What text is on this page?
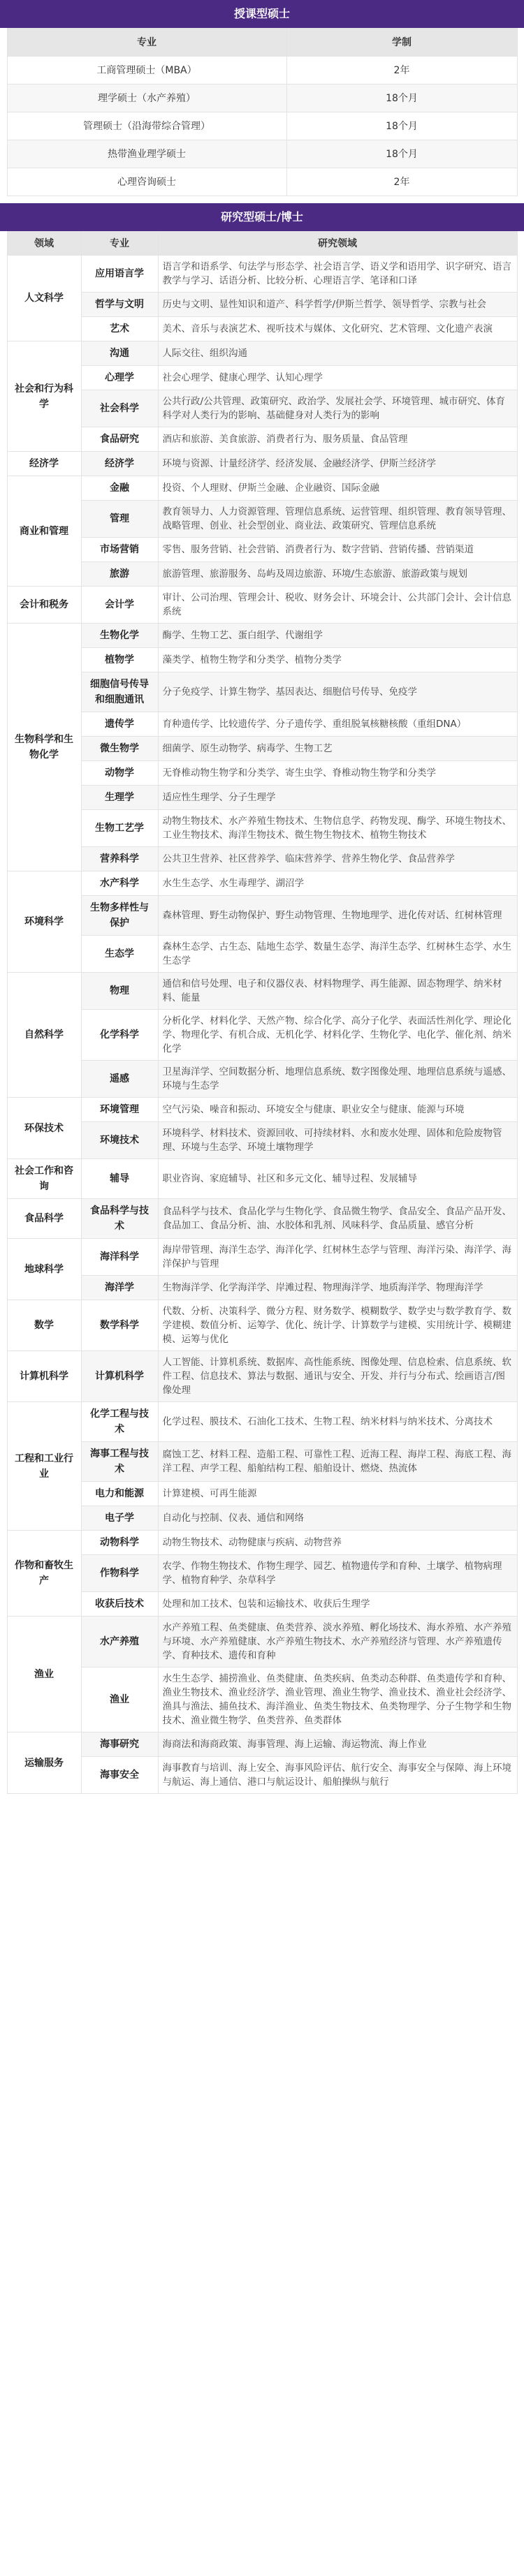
授课型硕士
专业	学制
工商管理硕士（MBA）	2年
理学硕士（水产养殖）	18个月
管理硕士（沿海带综合管理）	18个月
热带渔业理学硕士	18个月
心理咨询硕士	2年
研究型硕士/博士
领域	专业	研究领域
人文科学	应用语言学	语言学和语系学、句法学与形态学、社会语言学、语义学和语用学、识字研究、语言教学与学习、话语分析、比较分析、心理语言学、笔译和口译
	哲学与文明	历史与文明、显性知识和道产、科学哲学/伊斯兰哲学、领导哲学、宗教与社会
	艺术	美术、音乐与表演艺术、视听技术与媒体、文化研究、艺术管理、文化遗产表演
社会和行为科学	沟通	人际交往、组织沟通
	心理学	社会心理学、健康心理学、认知心理学
	社会科学	公共行政/公共管理、政策研究、政治学、发展社会学、环境管理、城市研究、体育科学对人类行为的影响、基础健身对人类行为的影响
	食品研究	酒店和旅游、美食旅游、消费者行为、服务质量、食品管理
经济学	经济学	环境与资源、计量经济学、经济发展、金融经济学、伊斯兰经济学
商业和管理	金融	投资、个人理财、伊斯兰金融、企业融资、国际金融
	管理	教育领导力、人力资源管理、管理信息系统、运营管理、组织管理、教育领导管理、战略管理、创业、社会型创业、商业法、政策研究、管理信息系统
	市场营销	零售、服务营销、社会营销、消费者行为、数字营销、营销传播、营销渠道
	旅游	旅游管理、旅游服务、岛屿及周边旅游、环境/生态旅游、旅游政策与规划
会计和税务	会计学	审计、公司治理、管理会计、税收、财务会计、环境会计、公共部门会计、会计信息系统
生物科学和生物化学	生物化学	酶学、生物工艺、蛋白组学、代谢组学
	植物学	藻类学、植物生物学和分类学、植物分类学
	细胞信号传导和细胞通讯	分子免疫学、计算生物学、基因表达、细胞信号传导、免疫学
	遗传学	育种遗传学、比较遗传学、分子遗传学、重组脱氧核糖核酸（重组DNA）
	微生物学	细菌学、原生动物学、病毒学、生物工艺
	动物学	无脊椎动物生物学和分类学、寄生虫学、脊椎动物生物学和分类学
	生理学	适应性生理学、分子生理学
	生物工艺学	动物生物技术、水产养殖生物技术、生物信息学、药物发现、酶学、环境生物技术、工业生物技术、海洋生物技术、微生物生物技术、植物生物技术
	营养科学	公共卫生营养、社区营养学、临床营养学、营养生物化学、食品营养学
环境科学	水产科学	水生生态学、水生毒理学、湖沼学
	生物多样性与保护	森林管理、野生动物保护、野生动物管理、生物地理学、进化传对话、红树林管理
	生态学	森林生态学、古生态、陆地生态学、数量生态学、海洋生态学、红树林生态学、水生生态学
自然科学	物理	通信和信号处理、电子和仪器仪表、材料物理学、再生能源、固态物理学、纳米材料、能量
	化学科学	分析化学、材料化学、天然产物、综合化学、高分子化学、表面活性剂化学、理论化学、物理化学、有机合成、无机化学、材料化学、生物化学、电化学、催化剂、纳米化学
	遥感	卫星海洋学、空间数据分析、地理信息系统、数字图像处理、地理信息系统与遥感、环境与生态学
环保技术	环境管理	空气污染、噪音和振动、环境安全与健康、职业安全与健康、能源与环境
	环境技术	环境科学、材料技术、资源回收、可持续材料、水和废水处理、固体和危险废物管理、环境与生态学、环境土壤物理学
社会工作和咨询	辅导	职业咨询、家庭辅导、社区和多元文化、辅导过程、发展辅导
食品科学	食品科学与技术	食品科学与技术、食品化学与生物化学、食品微生物学、食品安全、食品产品开发、食品加工、食品分析、油、水胶体和乳剂、风味科学、食品质量、感官分析
地球科学	海洋科学	海岸带管理、海洋生态学、海洋化学、红树林生态学与管理、海洋污染、海洋学、海洋保护与管理
	海洋学	生物海洋学、化学海洋学、岸滩过程、物理海洋学、地质海洋学、物理海洋学
数学	数学科学	代数、分析、决策科学、微分方程、财务数学、模糊数学、数学史与数学教育学、数学建模、数值分析、运筹学、优化、统计学、计算数学与建模、实用统计学、模糊建模、运筹与优化
计算机科学	计算机科学	人工智能、计算机系统、数据库、高性能系统、图像处理、信息检索、信息系统、软件工程、信息技术、算法与数据、通讯与安全、开发、并行与分布式、绘画语言/图像处理
工程和工业行业	化学工程与技术	化学过程、膜技术、石油化工技术、生物工程、纳米材料与纳米技术、分离技术
	海事工程与技术	腐蚀工艺、材料工程、造船工程、可靠性工程、近海工程、海岸工程、海底工程、海洋工程、声学工程、船舶结构工程、船舶设计、燃烧、热流体
	电力和能源	计算建模、可再生能源
	电子学	自动化与控制、仪表、通信和网络
作物和畜牧生产	动物科学	动物生物技术、动物健康与疾病、动物营养
	作物科学	农学、作物生物技术、作物生理学、园艺、植物遗传学和育种、土壤学、植物病理学、植物育种学、杂草科学
	收获后技术	处理和加工技术、包装和运输技术、收获后生理学
渔业	水产养殖	水产养殖工程、鱼类健康、鱼类营养、淡水养殖、孵化场技术、海水养殖、水产养殖与环境、水产养殖健康、水产养殖生物技术、水产养殖经济与管理、水产养殖遗传学、育种技术、遗传和育种
	渔业	水生生态学、捕捞渔业、鱼类健康、鱼类疾病、鱼类动态种群、鱼类遗传学和育种、渔业生物技术、渔业经济学、渔业管理、渔业生物学、渔业技术、渔业社会经济学、渔具与渔法、捕鱼技术、海洋渔业、鱼类生物技术、鱼类物理学、分子生物学和生物技术、渔业微生物学、鱼类营养、鱼类群体
运输服务	海事研究	海商法和海商政策、海事管理、海上运输、海运物流、海上作业
	海事安全	海事教育与培训、海上安全、海事风险评估、航行安全、海事安全与保障、海上环境与航运、海上通信、港口与航运设计、船舶操纵与航行
